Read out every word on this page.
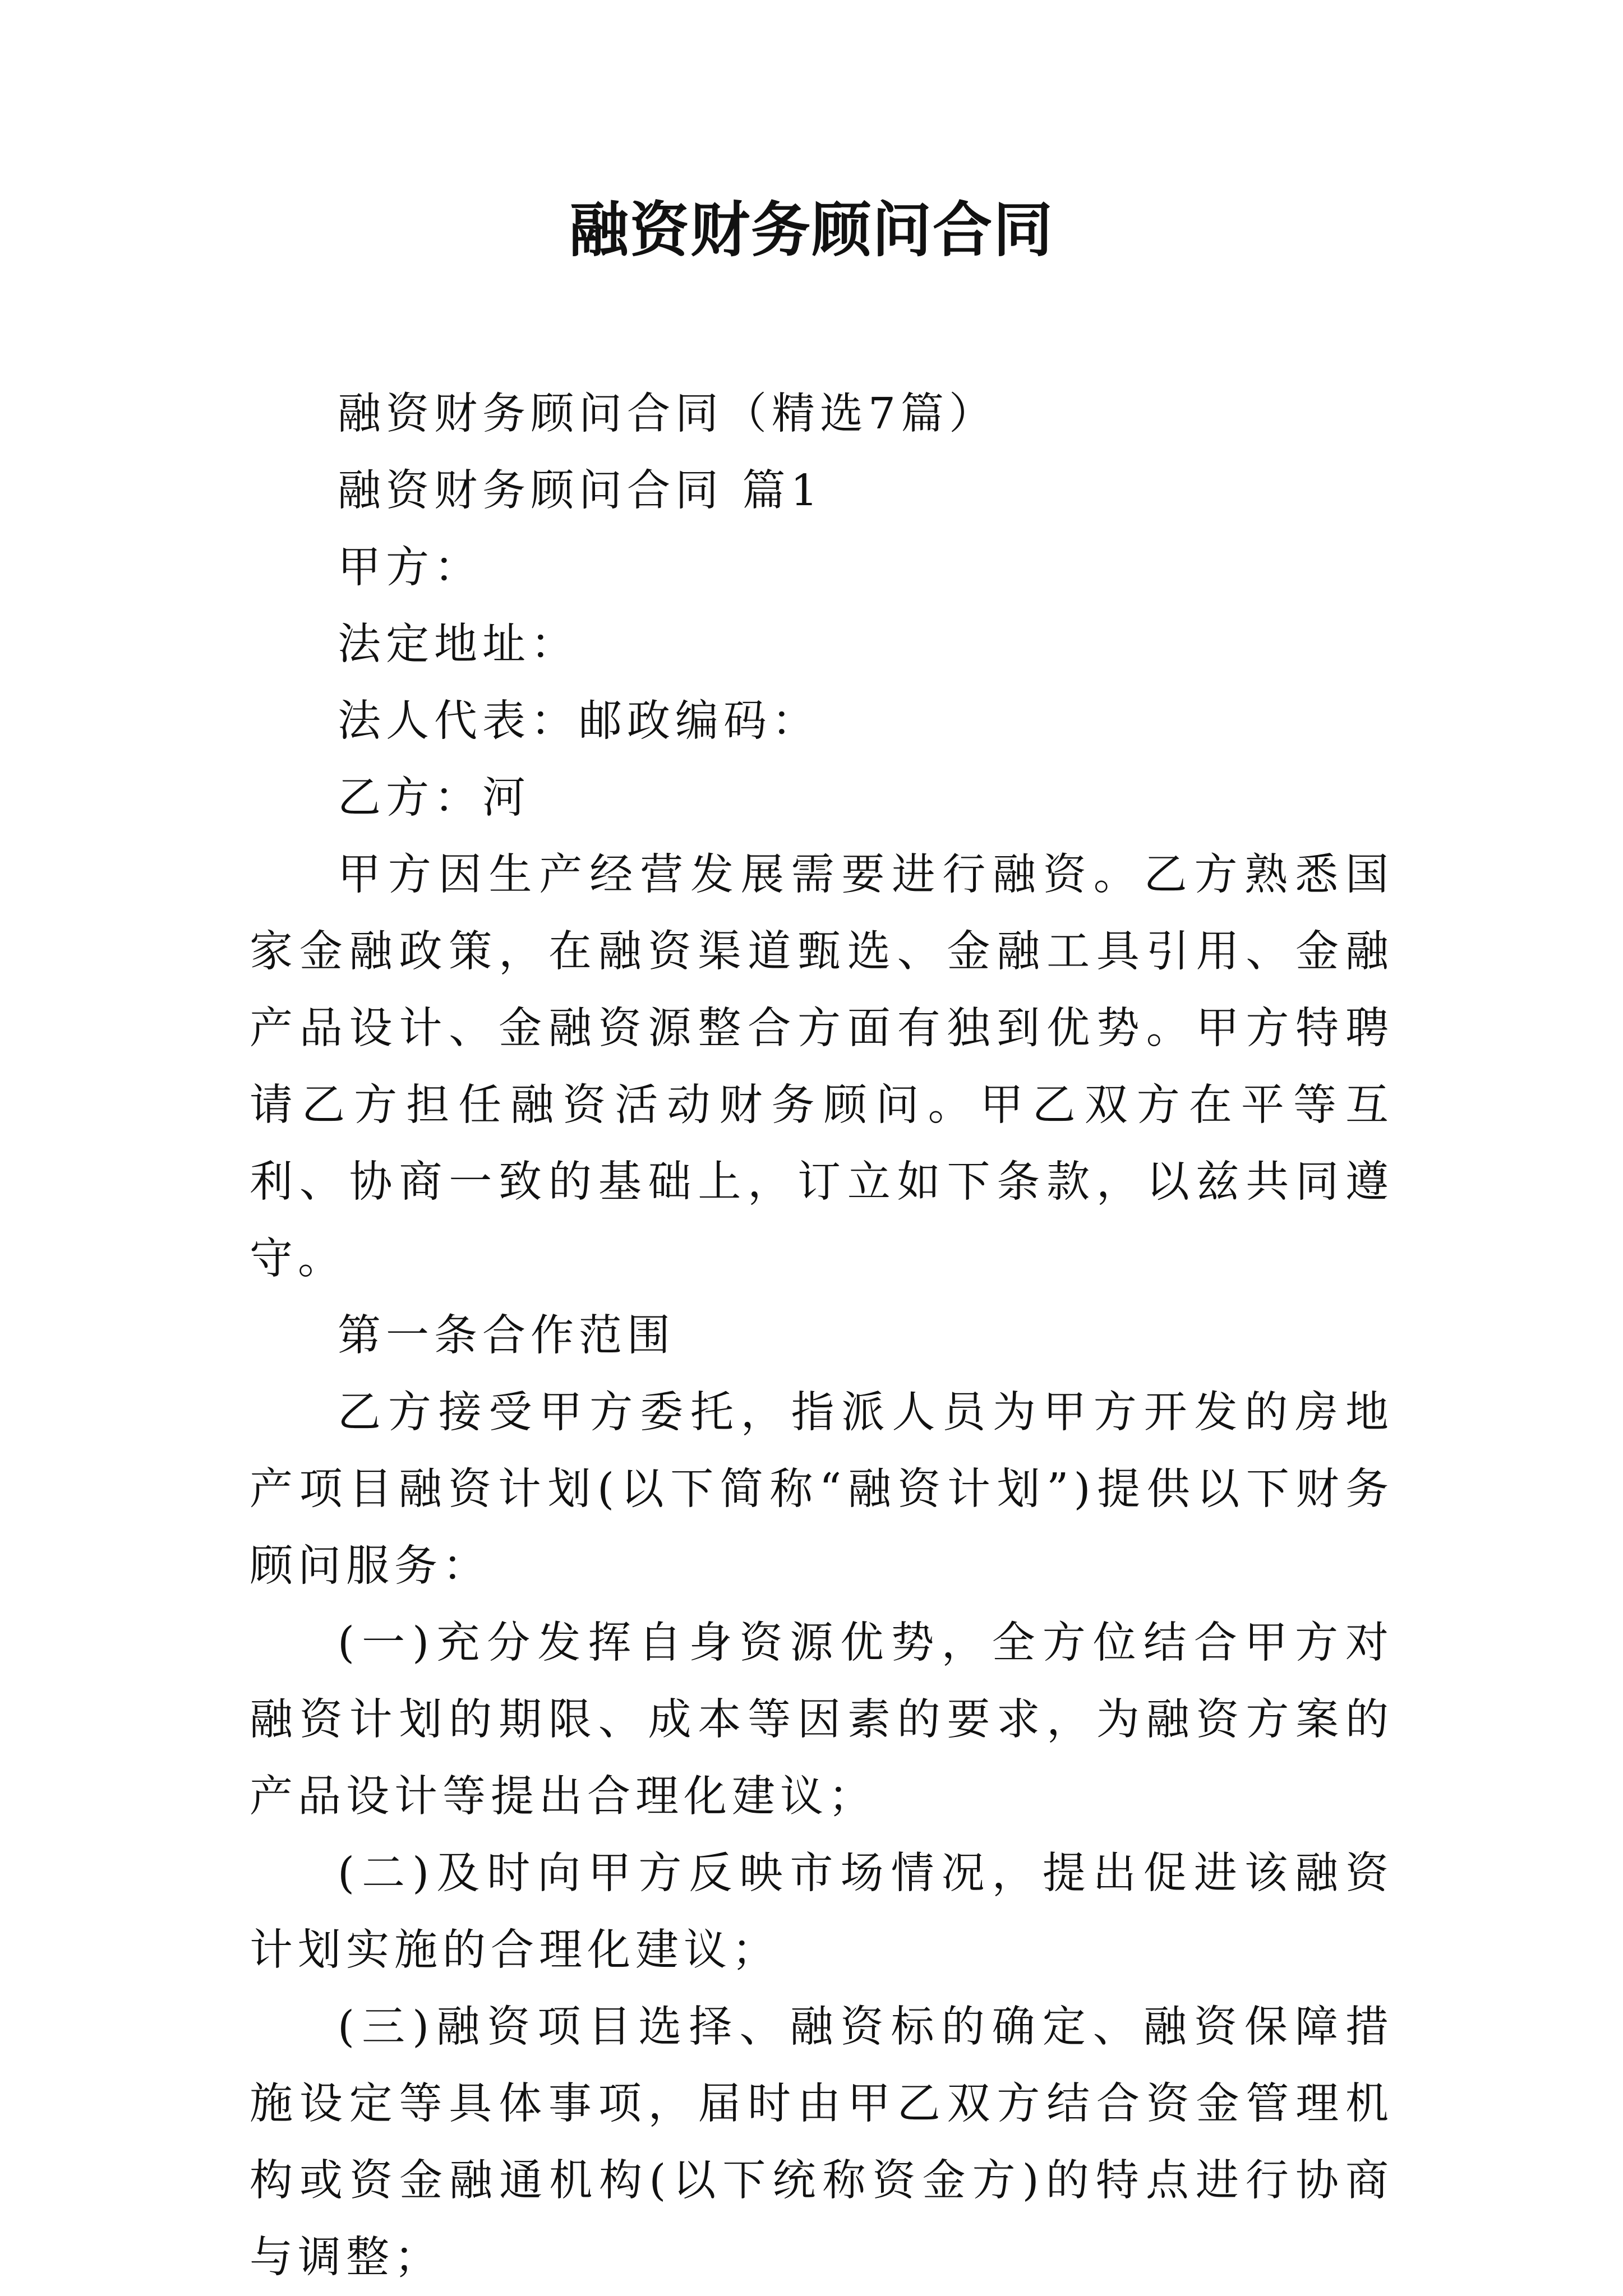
融资财务顾问合同

融资财务顾问合同（精选7篇）

融资财务顾问合同 篇1

甲方：

法定地址：

法人代表：邮政编码：

乙方：河

甲方因生产经营发展需要进行融资。乙方熟悉国家金融政策，在融资渠道甄选、金融工具引用、金融产品设计、金融资源整合方面有独到优势。甲方特聘请乙方担任融资活动财务顾问。甲乙双方在平等互利、协商一致的基础上，订立如下条款，以兹共同遵守。

第一条合作范围

乙方接受甲方委托，指派人员为甲方开发的房地产项目融资计划(以下简称“融资计划”)提供以下财务顾问服务：

(一)充分发挥自身资源优势，全方位结合甲方对融资计划的期限、成本等因素的要求，为融资方案的产品设计等提出合理化建议；

(二)及时向甲方反映市场情况，提出促进该融资计划实施的合理化建议；

(三)融资项目选择、融资标的确定、融资保障措施设定等具体事项，届时由甲乙双方结合资金管理机构或资金融通机构(以下统称资金方)的特点进行协商与调整；
